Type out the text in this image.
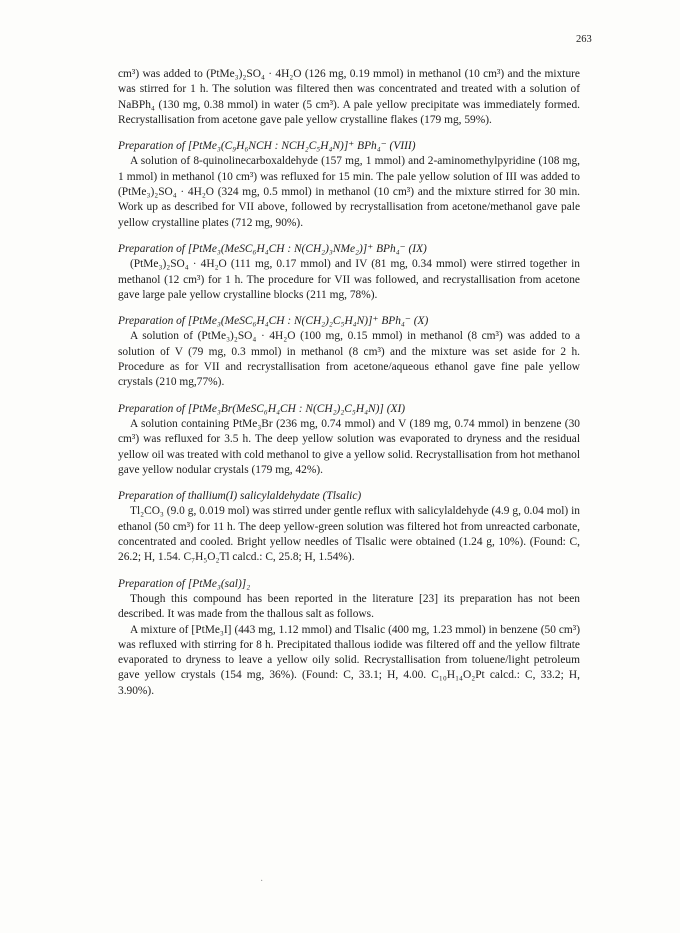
263

cm³) was added to (PtMe₃)₂SO₄ · 4H₂O (126 mg, 0.19 mmol) in methanol (10 cm³) and the mixture was stirred for 1 h. The solution was filtered then was concentrated and treated with a solution of NaBPh₄ (130 mg, 0.38 mmol) in water (5 cm³). A pale yellow precipitate was immediately formed. Recrystallisation from acetone gave pale yellow crystalline flakes (179 mg, 59%).

Preparation of [PtMe₃(C₉H₆NCH : NCH₂C₅H₄N)]⁺ BPh₄⁻ (VIII)

A solution of 8-quinolinecarboxaldehyde (157 mg, 1 mmol) and 2-aminomethylpyridine (108 mg, 1 mmol) in methanol (10 cm³) was refluxed for 15 min. The pale yellow solution of III was added to (PtMe₃)₂SO₄ · 4H₂O (324 mg, 0.5 mmol) in methanol (10 cm³) and the mixture stirred for 30 min. Work up as described for VII above, followed by recrystallisation from acetone/methanol gave pale yellow crystalline plates (712 mg, 90%).

Preparation of [PtMe₃(MeSC₆H₄CH : N(CH₂)₃NMe₂)]⁺ BPh₄⁻ (IX)

(PtMe₃)₂SO₄ · 4H₂O (111 mg, 0.17 mmol) and IV (81 mg, 0.34 mmol) were stirred together in methanol (12 cm³) for 1 h. The procedure for VII was followed, and recrystallisation from acetone gave large pale yellow crystalline blocks (211 mg, 78%).

Preparation of [PtMe₃(MeSC₆H₄CH : N(CH₂)₂C₅H₄N)]⁺ BPh₄⁻ (X)

A solution of (PtMe₃)₂SO₄ · 4H₂O (100 mg, 0.15 mmol) in methanol (8 cm³) was added to a solution of V (79 mg, 0.3 mmol) in methanol (8 cm³) and the mixture was set aside for 2 h. Procedure as for VII and recrystallisation from acetone/aqueous ethanol gave fine pale yellow crystals (210 mg,77%).

Preparation of [PtMe₃Br(MeSC₆H₄CH : N(CH₂)₂C₅H₄N)] (XI)

A solution containing PtMe₃Br (236 mg, 0.74 mmol) and V (189 mg, 0.74 mmol) in benzene (30 cm³) was refluxed for 3.5 h. The deep yellow solution was evaporated to dryness and the residual yellow oil was treated with cold methanol to give a yellow solid. Recrystallisation from hot methanol gave yellow nodular crystals (179 mg, 42%).

Preparation of thallium(I) salicylaldehydate (Tlsalic)

Tl₂CO₃ (9.0 g, 0.019 mol) was stirred under gentle reflux with salicylaldehyde (4.9 g, 0.04 mol) in ethanol (50 cm³) for 11 h. The deep yellow-green solution was filtered hot from unreacted carbonate, concentrated and cooled. Bright yellow needles of Tlsalic were obtained (1.24 g, 10%). (Found: C, 26.2; H, 1.54. C₇H₅O₂Tl calcd.: C, 25.8; H, 1.54%).

Preparation of [PtMe₃(sal)]₂

Though this compound has been reported in the literature [23] its preparation has not been described. It was made from the thallous salt as follows.

A mixture of [PtMe₃I] (443 mg, 1.12 mmol) and Tlsalic (400 mg, 1.23 mmol) in benzene (50 cm³) was refluxed with stirring for 8 h. Precipitated thallous iodide was filtered off and the yellow filtrate evaporated to dryness to leave a yellow oily solid. Recrystallisation from toluene/light petroleum gave yellow crystals (154 mg, 36%). (Found: C, 33.1; H, 4.00. C₁₀H₁₄O₂Pt calcd.: C, 33.2; H, 3.90%).

·
